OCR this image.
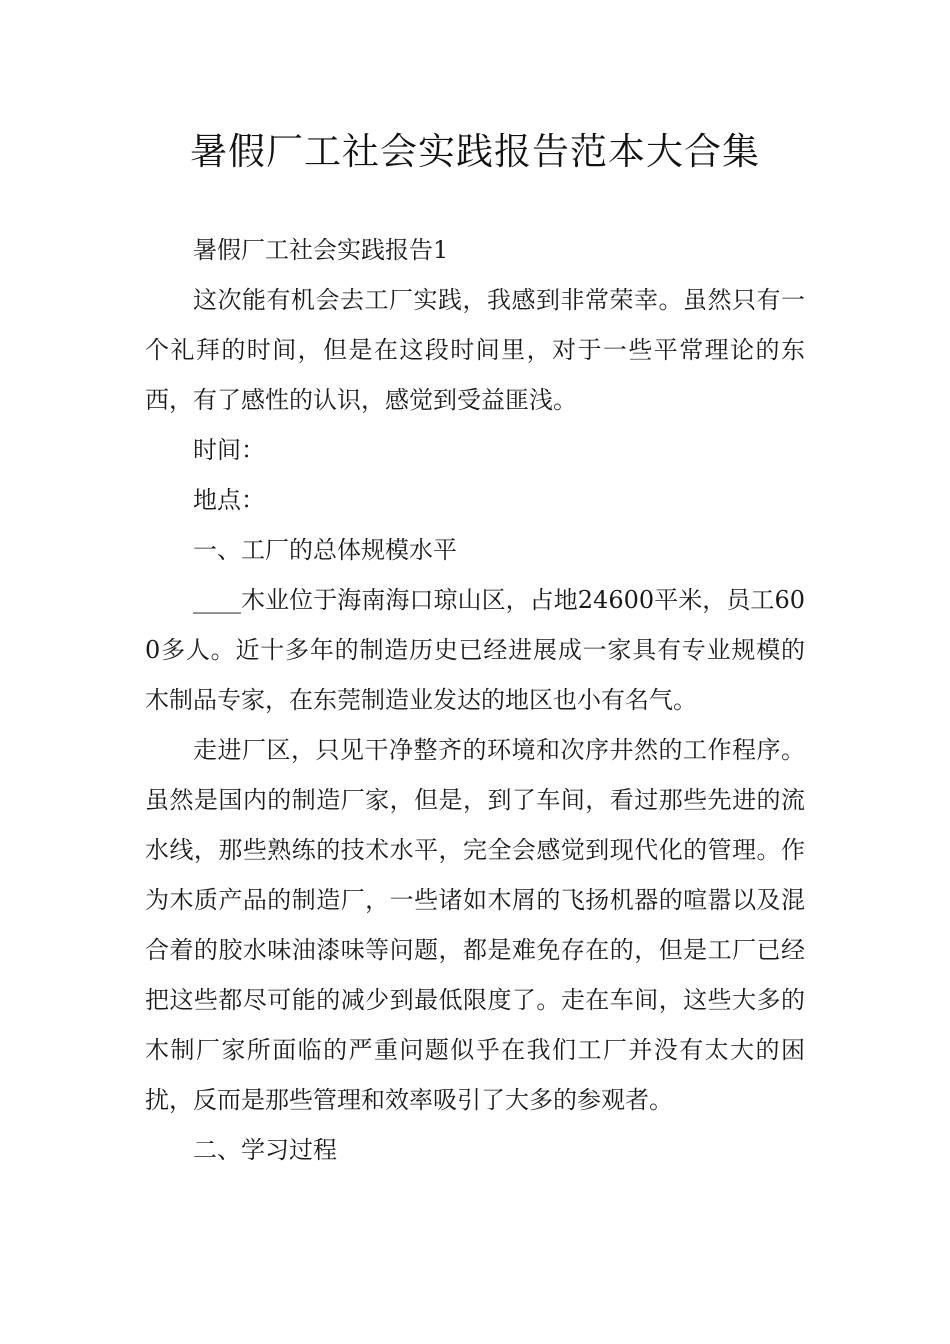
暑假厂工社会实践报告范本大合集

暑假厂工社会实践报告1

这次能有机会去工厂实践，我感到非常荣幸。虽然只有一个礼拜的时间，但是在这段时间里，对于一些平常理论的东西，有了感性的认识，感觉到受益匪浅。

时间：

地点：

一、工厂的总体规模水平

____木业位于海南海口琼山区，占地24600平米，员工600多人。近十多年的制造历史已经进展成一家具有专业规模的木制品专家，在东莞制造业发达的地区也小有名气。

走进厂区，只见干净整齐的环境和次序井然的工作程序。虽然是国内的制造厂家，但是，到了车间，看过那些先进的流水线，那些熟练的技术水平，完全会感觉到现代化的管理。作为木质产品的制造厂，一些诸如木屑的飞扬机器的喧嚣以及混合着的胶水味油漆味等问题，都是难免存在的，但是工厂已经把这些都尽可能的减少到最低限度了。走在车间，这些大多的木制厂家所面临的严重问题似乎在我们工厂并没有太大的困扰，反而是那些管理和效率吸引了大多的参观者。

二、学习过程
